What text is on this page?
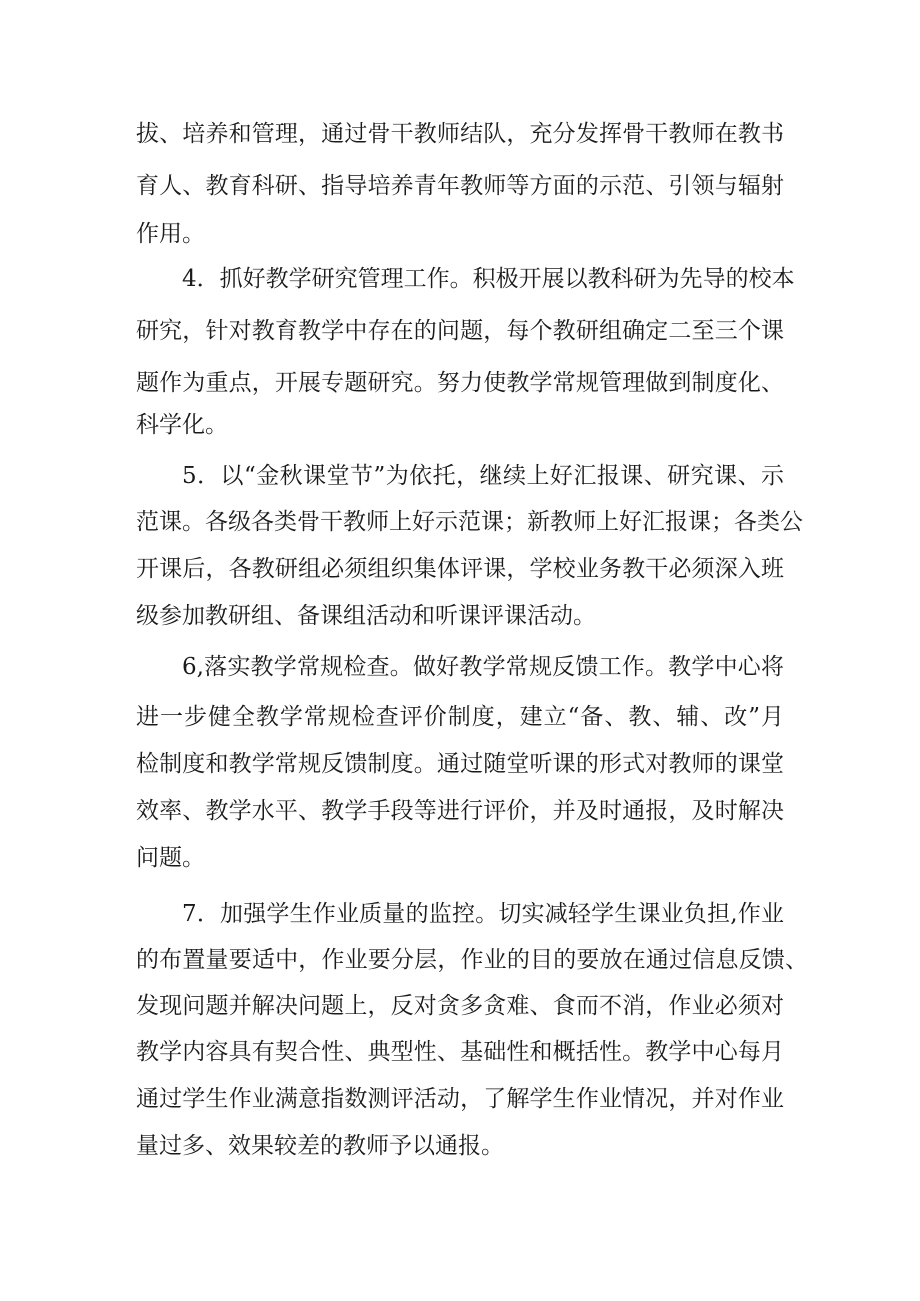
拔、培养和管理，通过骨干教师结队，充分发挥骨干教师在教书
育人、教育科研、指导培养青年教师等方面的示范、引领与辐射
作用。
4．抓好教学研究管理工作。积极开展以教科研为先导的校本
研究，针对教育教学中存在的问题，每个教研组确定二至三个课
题作为重点，开展专题研究。努力使教学常规管理做到制度化、
科学化。
5．以“金秋课堂节”为依托，继续上好汇报课、研究课、示
范课。各级各类骨干教师上好示范课；新教师上好汇报课；各类公
开课后，各教研组必须组织集体评课，学校业务教干必须深入班
级参加教研组、备课组活动和听课评课活动。
6,落实教学常规检查。做好教学常规反馈工作。教学中心将
进一步健全教学常规检查评价制度，建立“备、教、辅、改”月
检制度和教学常规反馈制度。通过随堂听课的形式对教师的课堂
效率、教学水平、教学手段等进行评价，并及时通报，及时解决
问题。
7．加强学生作业质量的监控。切实减轻学生课业负担,作业
的布置量要适中，作业要分层，作业的目的要放在通过信息反馈、
发现问题并解决问题上，反对贪多贪难、食而不消，作业必须对
教学内容具有契合性、典型性、基础性和概括性。教学中心每月
通过学生作业满意指数测评活动，了解学生作业情况，并对作业
量过多、效果较差的教师予以通报。
